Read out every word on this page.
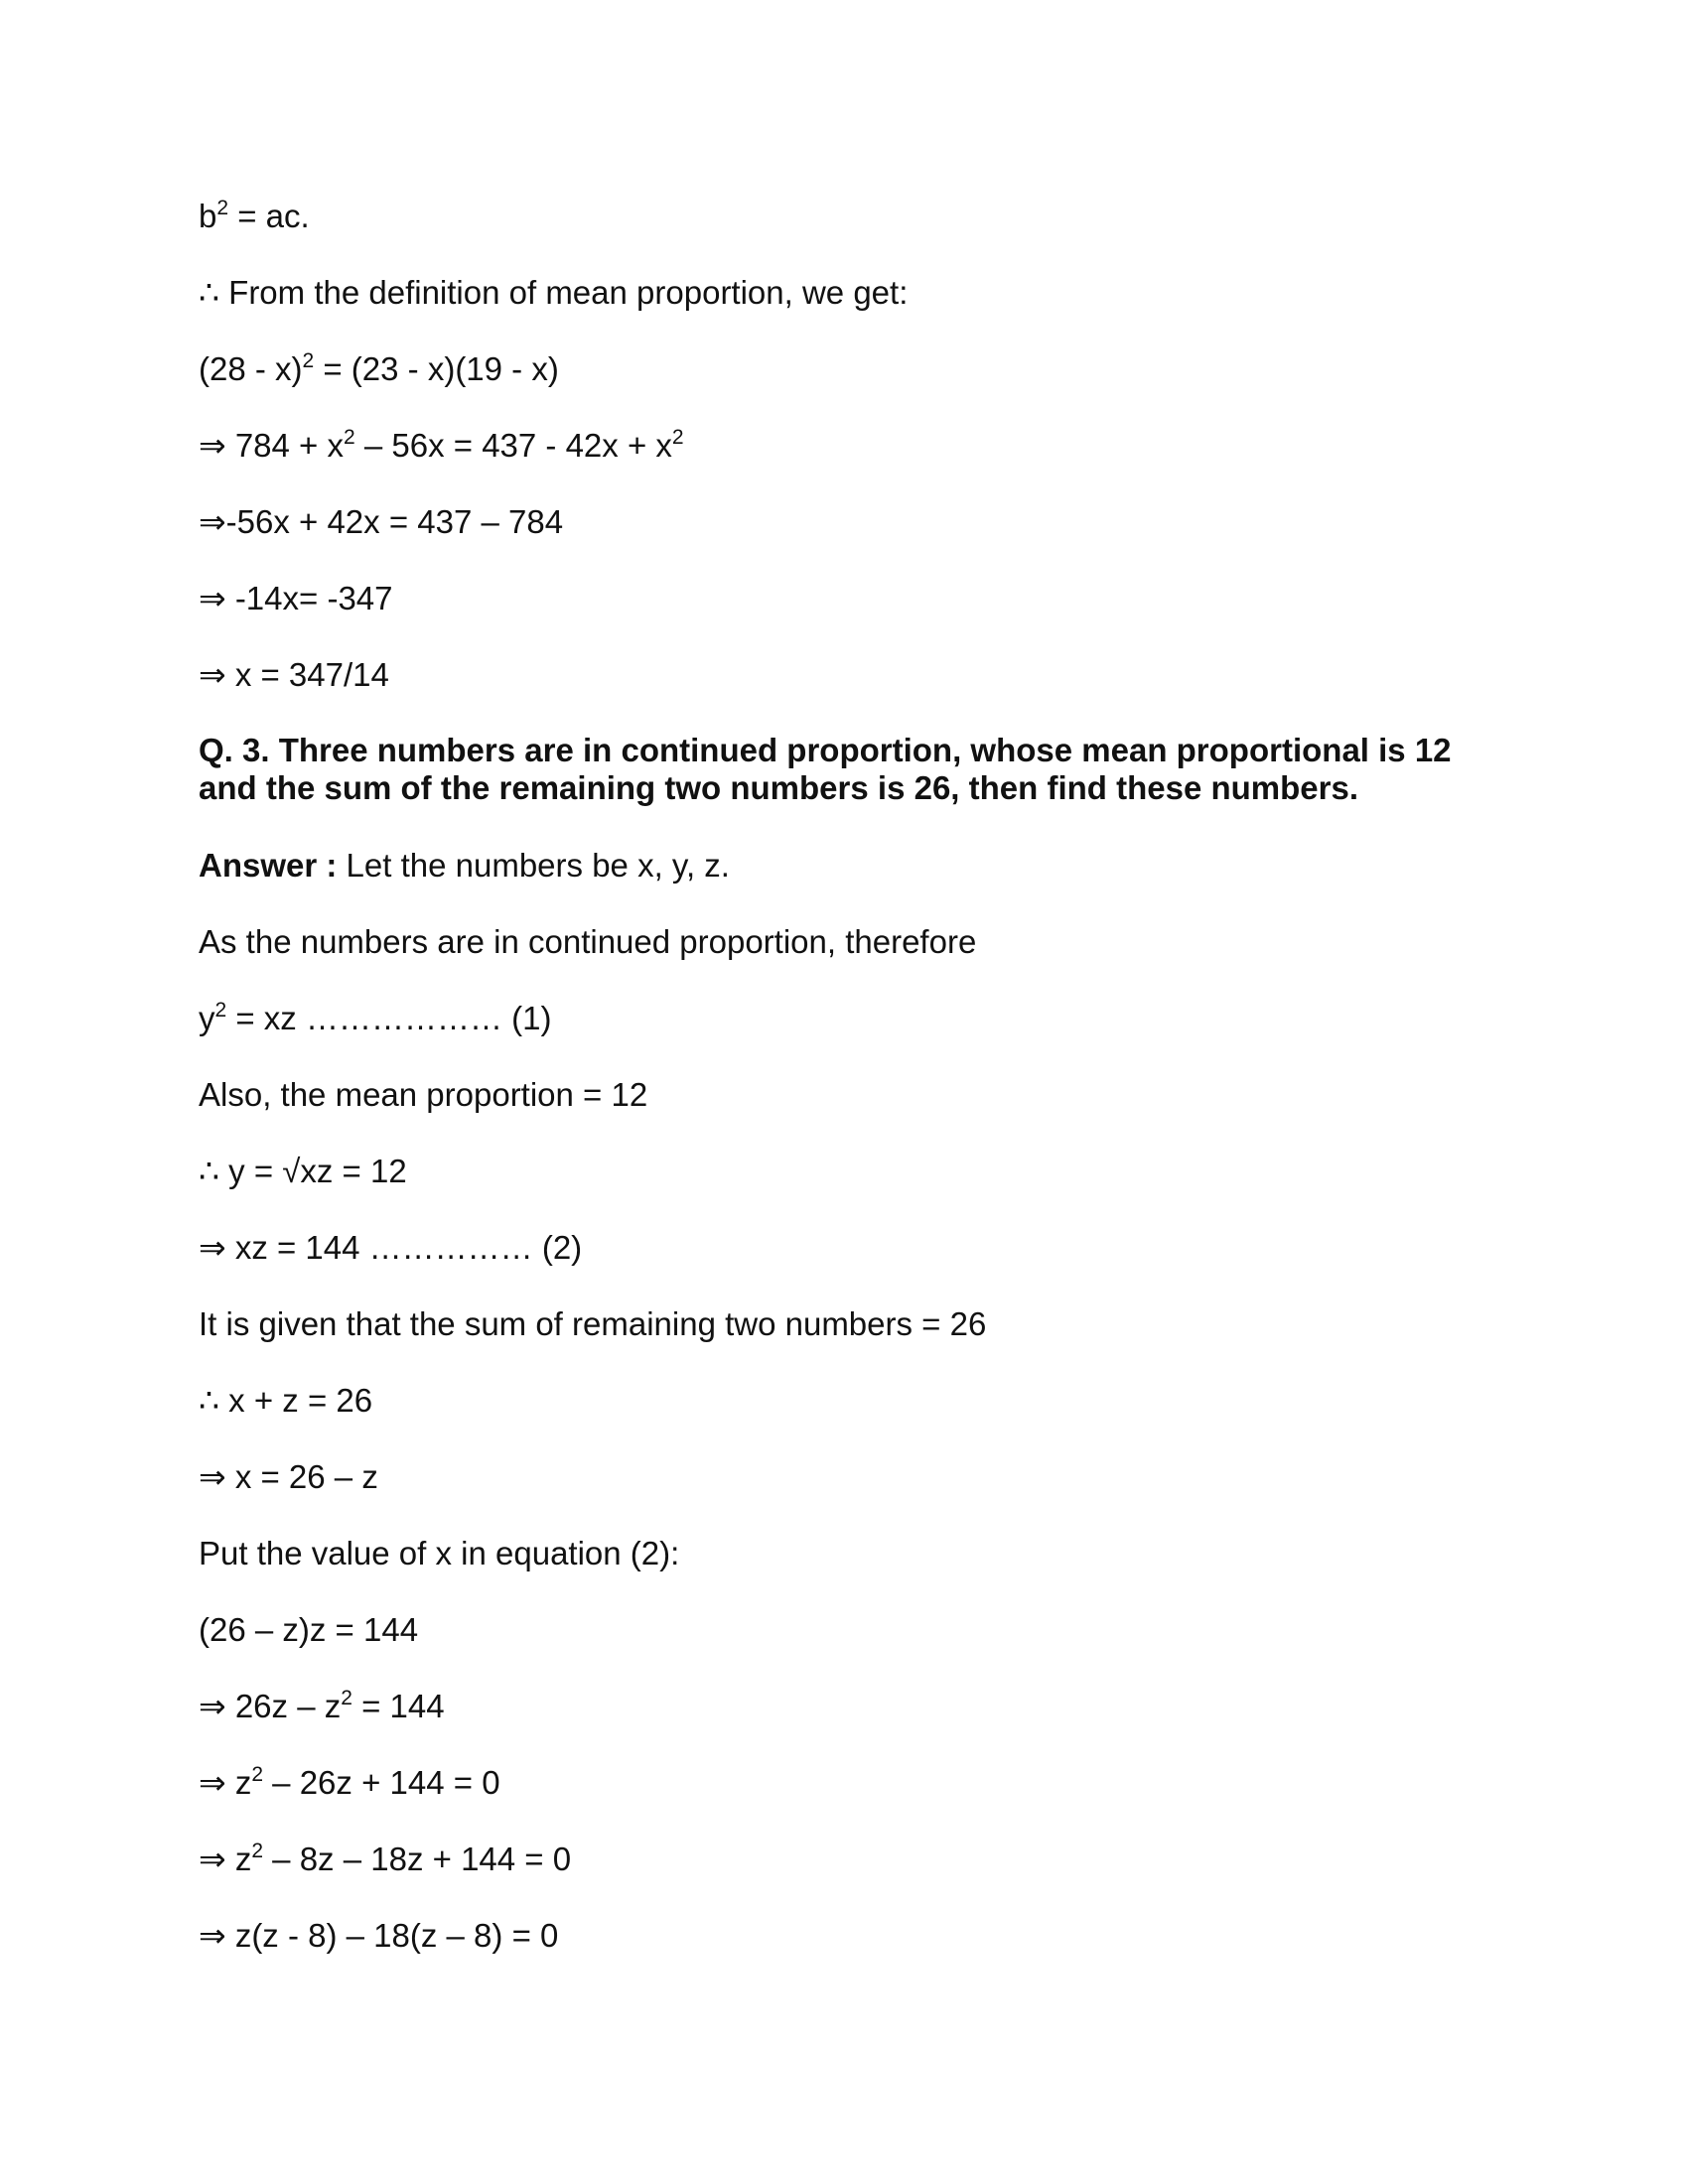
$b^2$ = ac.

∴ From the definition of mean proportion, we get:

(28 - x)$^2$ = (23 - x)(19 - x)

⇒ $784 + x^2 - 56x = 437 - 42x + x^2$

⇒-56x + 42x = 437 – 784

⇒ -14x= -347

⇒ x = 347/14

Q. 3. Three numbers are in continued proportion, whose mean proportional is 12 and the sum of the remaining two numbers is 26, then find these numbers.

Answer : Let the numbers be x, y, z.

As the numbers are in continued proportion, therefore

$y^2$ = xz ……………… (1)

Also, the mean proportion = 12

∴ y = √xz = 12

⇒ xz = 144 …………… (2)

It is given that the sum of remaining two numbers = 26

∴ x + z = 26

⇒ x = 26 – z

Put the value of x in equation (2):

(26 – z)z = 144

⇒ $26z - z^2 = 144$

⇒ $z^2 - 26z + 144 = 0$

⇒ $z^2 - 8z - 18z + 144 = 0$

⇒ z(z - 8) – 18(z – 8) = 0
